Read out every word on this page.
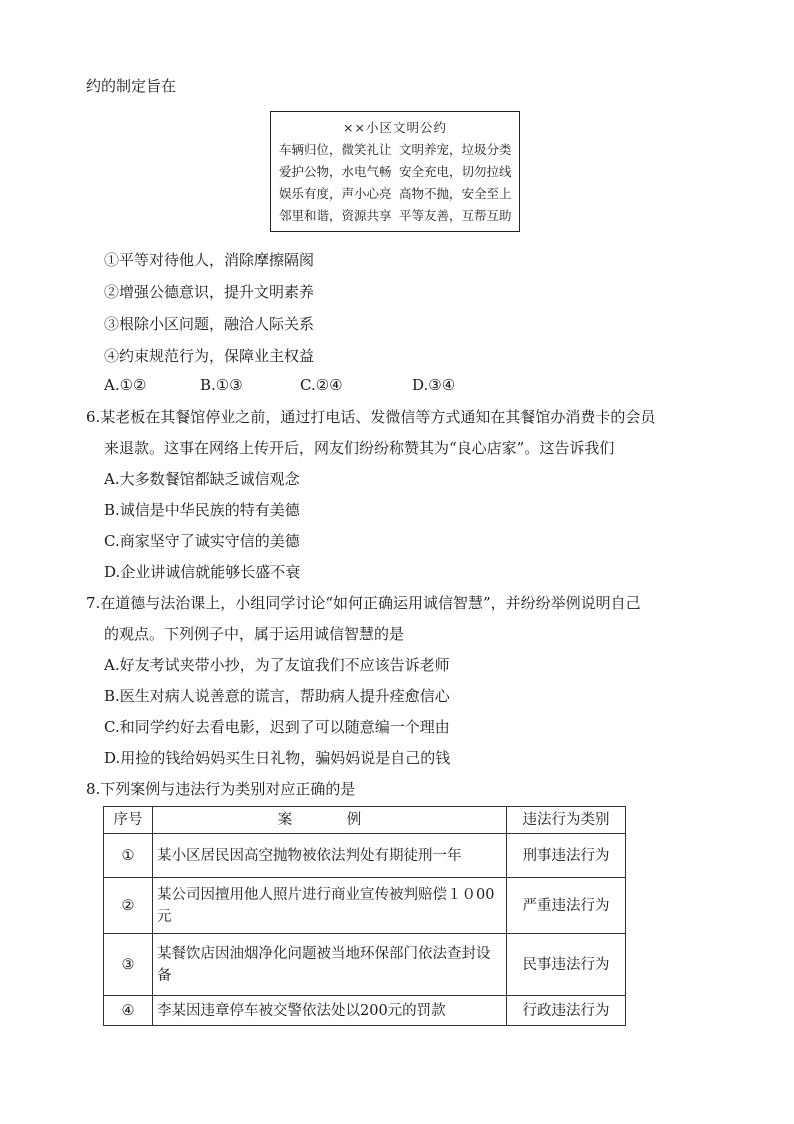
约的制定旨在
××小区文明公约
车辆归位，微笑礼让 文明养宠，垃圾分类
爱护公物，水电气畅 安全充电，切勿拉线
娱乐有度，声小心亮 高物不抛，安全至上
邻里和谐，资源共享 平等友善，互帮互助
①平等对待他人，消除摩擦隔阂
②增强公德意识，提升文明素养
③根除小区问题，融洽人际关系
④约束规范行为，保障业主权益
A.①②	B.①③	C.②④	D.③④
6.某老板在其餐馆停业之前，通过打电话、发微信等方式通知在其餐馆办消费卡的会员
来退款。这事在网络上传开后，网友们纷纷称赞其为“良心店家”。这告诉我们
A.大多数餐馆都缺乏诚信观念
B.诚信是中华民族的特有美德
C.商家坚守了诚实守信的美德
D.企业讲诚信就能够长盛不衰
7.在道德与法治课上，小组同学讨论“如何正确运用诚信智慧”，并纷纷举例说明自己
的观点。下列例子中，属于运用诚信智慧的是
A.好友考试夹带小抄，为了友谊我们不应该告诉老师
B.医生对病人说善意的谎言，帮助病人提升痊愈信心
C.和同学约好去看电影，迟到了可以随意编一个理由
D.用捡的钱给妈妈买生日礼物，骗妈妈说是自己的钱
8.下列案例与违法行为类别对应正确的是
序号	案　例	违法行为类别
①	某小区居民因高空抛物被依法判处有期徒刑一年	刑事违法行为
②	某公司因擅用他人照片进行商业宣传被判赔偿１０00元	严重违法行为
③	某餐饮店因油烟净化问题被当地环保部门依法查封设备	民事违法行为
④	李某因违章停车被交警依法处以200元的罚款	行政违法行为
